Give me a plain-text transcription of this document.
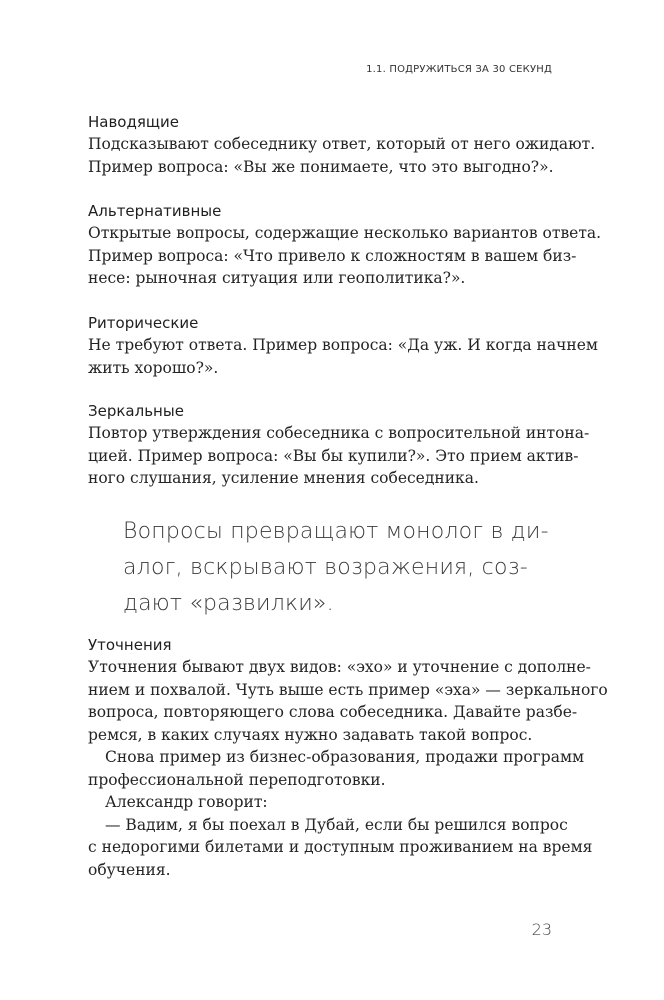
1.1. ПОДРУЖИТЬСЯ ЗА 30 СЕКУНД
Наводящие
Подсказывают собеседнику ответ, который от него ожидают.
Пример вопроса: «Вы же понимаете, что это выгодно?».
Альтернативные
Открытые вопросы, содержащие несколько вариантов ответа.
Пример вопроса: «Что привело к сложностям в вашем биз-
несе: рыночная ситуация или геополитика?».
Риторические
Не требуют ответа. Пример вопроса: «Да уж. И когда начнем
жить хорошо?».
Зеркальные
Повтор утверждения собеседника с вопросительной интона-
цией. Пример вопроса: «Вы бы купили?». Это прием актив-
ного слушания, усиление мнения собеседника.
Вопросы превращают монолог в ди-
алог, вскрывают возражения, соз-
дают «развилки».
Уточнения
Уточнения бывают двух видов: «эхо» и уточнение с дополне-
нием и похвалой. Чуть выше есть пример «эха» — зеркального
вопроса, повторяющего слова собеседника. Давайте разбе-
ремся, в каких случаях нужно задавать такой вопрос.
Снова пример из бизнес-образования, продажи программ
профессиональной переподготовки.
Александр говорит:
— Вадим, я бы поехал в Дубай, если бы решился вопрос
с недорогими билетами и доступным проживанием на время
обучения.
23
